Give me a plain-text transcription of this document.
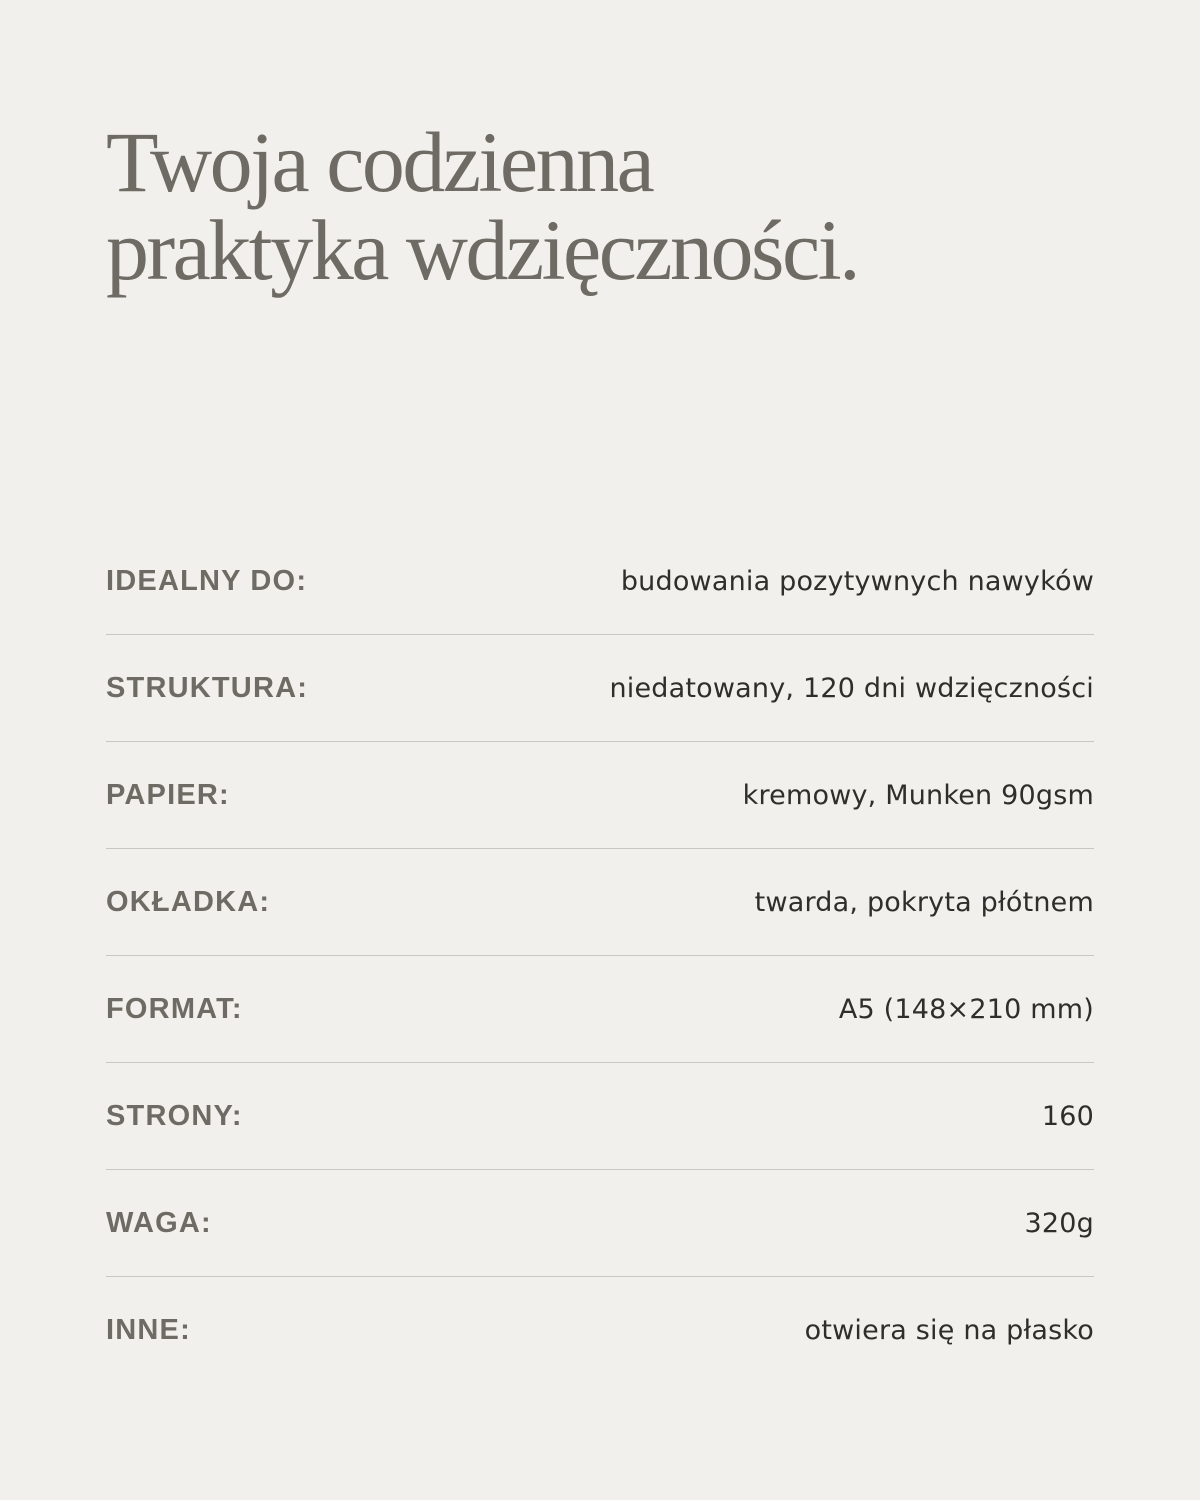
Twoja codzienna
praktyka wdzięczności.
IDEALNY DO:	budowania pozytywnych nawyków
STRUKTURA:	niedatowany, 120 dni wdzięczności
PAPIER:	kremowy, Munken 90gsm
OKŁADKA:	twarda, pokryta płótnem
FORMAT:	A5 (148×210 mm)
STRONY:	160
WAGA:	320g
INNE:	otwiera się na płasko
